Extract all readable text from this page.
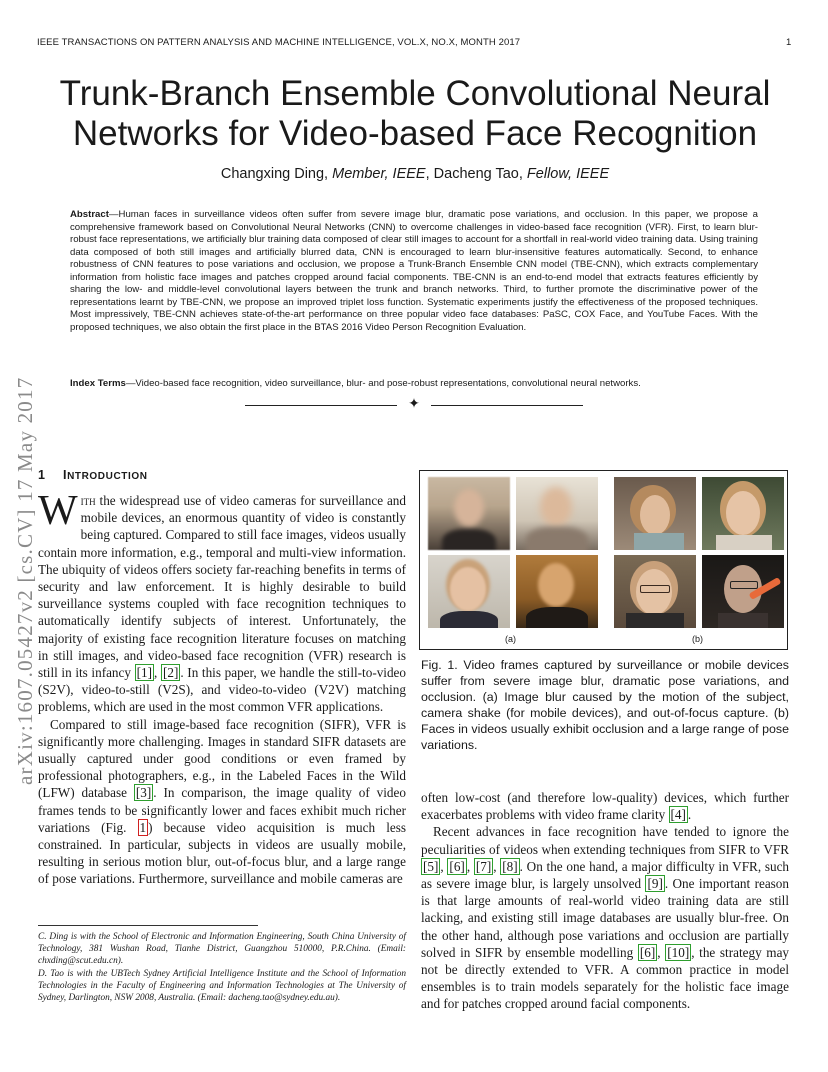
IEEE TRANSACTIONS ON PATTERN ANALYSIS AND MACHINE INTELLIGENCE, VOL.X, NO.X, MONTH 2017	1
Trunk-Branch Ensemble Convolutional Neural
Networks for Video-based Face Recognition
Changxing Ding, Member, IEEE, Dacheng Tao, Fellow, IEEE
Abstract—Human faces in surveillance videos often suffer from severe image blur, dramatic pose variations, and occlusion. In this paper, we propose a comprehensive framework based on Convolutional Neural Networks (CNN) to overcome challenges in video-based face recognition (VFR). First, to learn blur-robust face representations, we artificially blur training data composed of clear still images to account for a shortfall in real-world video training data. Using training data composed of both still images and artificially blurred data, CNN is encouraged to learn blur-insensitive features automatically. Second, to enhance robustness of CNN features to pose variations and occlusion, we propose a Trunk-Branch Ensemble CNN model (TBE-CNN), which extracts complementary information from holistic face images and patches cropped around facial components. TBE-CNN is an end-to-end model that extracts features efficiently by sharing the low- and middle-level convolutional layers between the trunk and branch networks. Third, to further promote the discriminative power of the representations learnt by TBE-CNN, we propose an improved triplet loss function. Systematic experiments justify the effectiveness of the proposed techniques. Most impressively, TBE-CNN achieves state-of-the-art performance on three popular video face databases: PaSC, COX Face, and YouTube Faces. With the proposed techniques, we also obtain the first place in the BTAS 2016 Video Person Recognition Evaluation.
Index Terms—Video-based face recognition, video surveillance, blur- and pose-robust representations, convolutional neural networks.
✦
arXiv:1607.05427v2 [cs.CV] 17 May 2017 1 INTRODUCTION

With the widespread use of video cameras for surveillance and mobile devices, an enormous quantity of video is constantly being captured. Compared to still face images, videos usually contain more information, e.g., temporal and multi-view information. The ubiquity of videos offers society far-reaching benefits in terms of security and law enforcement. It is highly desirable to build surveillance systems coupled with face recognition techniques to automatically identify subjects of interest. Unfortunately, the majority of existing face recognition literature focuses on matching in still images, and video-based face recognition (VFR) research is still in its infancy [1] , [2] . In this paper, we handle the still-to-video (S2V), video-to-still (V2S), and video-to-video (V2V) matching problems, which are used in the most common VFR applications.

Compared to still image-based face recognition (SIFR), VFR is significantly more challenging. Images in standard SIFR datasets are usually captured under good conditions or even framed by professional photographers, e.g., in the Labeled Faces in the Wild (LFW) database [3] . In comparison, the image quality of video frames tends to be significantly lower and faces exhibit much richer variations (Fig. 1 ) because video acquisition is much less constrained. In particular, subjects in videos are usually mobile, resulting in serious motion blur, out-of-focus blur, and a large range of pose variations. Furthermore, surveillance and mobile cameras are

C. Ding is with the School of Electronic and Information Engineering, South China University of Technology, 381 Wushan Road, Tianhe District, Guangzhou 510000, P.R.China. (Email: chxding@scut.edu.cn).

D. Tao is with the UBTech Sydney Artificial Intelligence Institute and the School of Information Technologies in the Faculty of Engineering and Information Technologies at The University of Sydney, Darlington, NSW 2008, Australia. (Email: dacheng.tao@sydney.edu.au).

(a)	(b)
Fig. 1. Video frames captured by surveillance or mobile devices suffer from severe image blur, dramatic pose variations, and occlusion. (a) Image blur caused by the motion of the subject, camera shake (for mobile devices), and out-of-focus capture. (b) Faces in videos usually exhibit occlusion and a large range of pose variations.

often low-cost (and therefore low-quality) devices, which further exacerbates problems with video frame clarity [4] .

Recent advances in face recognition have tended to ignore the peculiarities of videos when extending techniques from SIFR to VFR [5] , [6] , [7] , [8] . On the one hand, a major difficulty in VFR, such as severe image blur, is largely unsolved [9] . One important reason is that large amounts of real-world video training data are still lacking, and existing still image databases are usually blur-free. On the other hand, although pose variations and occlusion are partially solved in SIFR by ensemble modelling [6] , [10] , the strategy may not be directly extended to VFR. A common practice in model ensembles is to train models separately for the holistic face image and for patches cropped around facial components.
